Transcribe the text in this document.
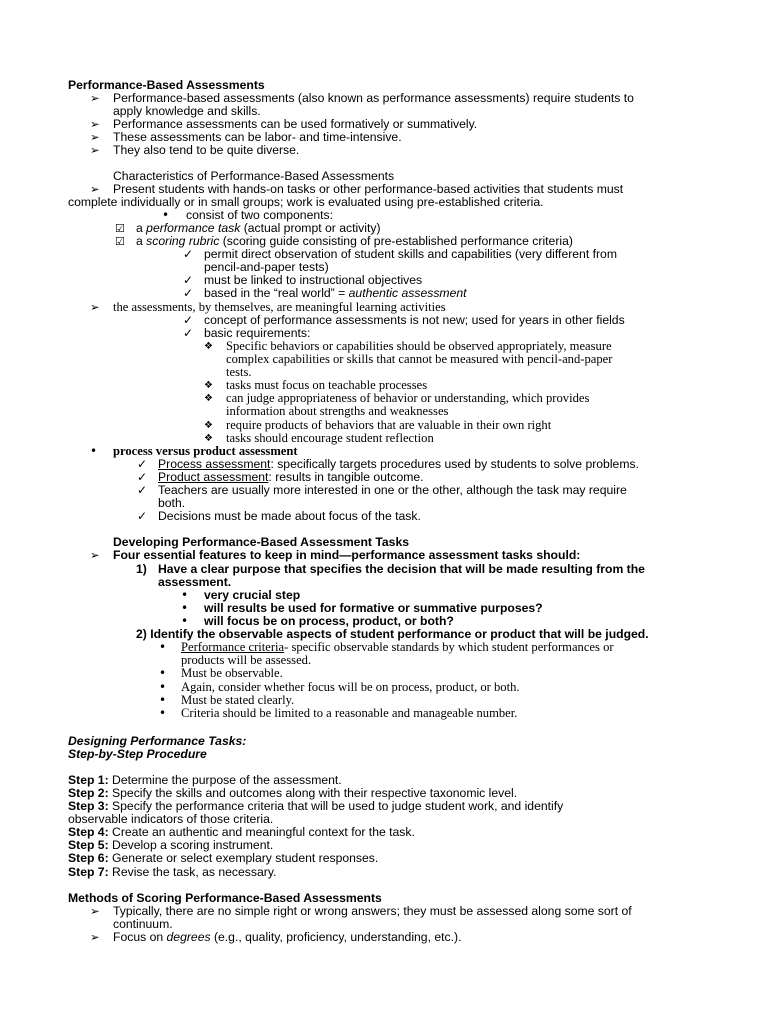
Performance-Based Assessments
➢ Performance-based assessments (also known as performance assessments) require students to
apply knowledge and skills.
➢ Performance assessments can be used formatively or summatively.
➢ These assessments can be labor- and time-intensive.
➢ They also tend to be quite diverse.
Characteristics of Performance-Based Assessments
➢ Present students with hands-on tasks or other performance-based activities that students must
complete individually or in small groups; work is evaluated using pre-established criteria.
• consist of two components:
☑ a performance task (actual prompt or activity)
☑ a scoring rubric (scoring guide consisting of pre-established performance criteria)
✓ permit direct observation of student skills and capabilities (very different from
pencil-and-paper tests)
✓ must be linked to instructional objectives
✓ based in the “real world” = authentic assessment
➢ the assessments, by themselves, are meaningful learning activities
✓ concept of performance assessments is not new; used for years in other fields
✓ basic requirements:
❖ Specific behaviors or capabilities should be observed appropriately, measure
complex capabilities or skills that cannot be measured with pencil-and-paper
tests.
❖ tasks must focus on teachable processes
❖ can judge appropriateness of behavior or understanding, which provides
information about strengths and weaknesses
❖ require products of behaviors that are valuable in their own right
❖ tasks should encourage student reflection
• process versus product assessment
✓ Process assessment: specifically targets procedures used by students to solve problems.
✓ Product assessment: results in tangible outcome.
✓ Teachers are usually more interested in one or the other, although the task may require
both.
✓ Decisions must be made about focus of the task.
Developing Performance-Based Assessment Tasks
➢ Four essential features to keep in mind—performance assessment tasks should:
1) Have a clear purpose that specifies the decision that will be made resulting from the
assessment.
• very crucial step
• will results be used for formative or summative purposes?
• will focus be on process, product, or both?
2) Identify the observable aspects of student performance or product that will be judged.
• Performance criteria- specific observable standards by which student performances or
products will be assessed.
• Must be observable.
• Again, consider whether focus will be on process, product, or both.
• Must be stated clearly.
• Criteria should be limited to a reasonable and manageable number.
Designing Performance Tasks:
Step-by-Step Procedure
Step 1: Determine the purpose of the assessment.
Step 2: Specify the skills and outcomes along with their respective taxonomic level.
Step 3: Specify the performance criteria that will be used to judge student work, and identify
observable indicators of those criteria.
Step 4: Create an authentic and meaningful context for the task.
Step 5: Develop a scoring instrument.
Step 6: Generate or select exemplary student responses.
Step 7: Revise the task, as necessary.
Methods of Scoring Performance-Based Assessments
➢ Typically, there are no simple right or wrong answers; they must be assessed along some sort of
continuum.
➢ Focus on degrees (e.g., quality, proficiency, understanding, etc.).
